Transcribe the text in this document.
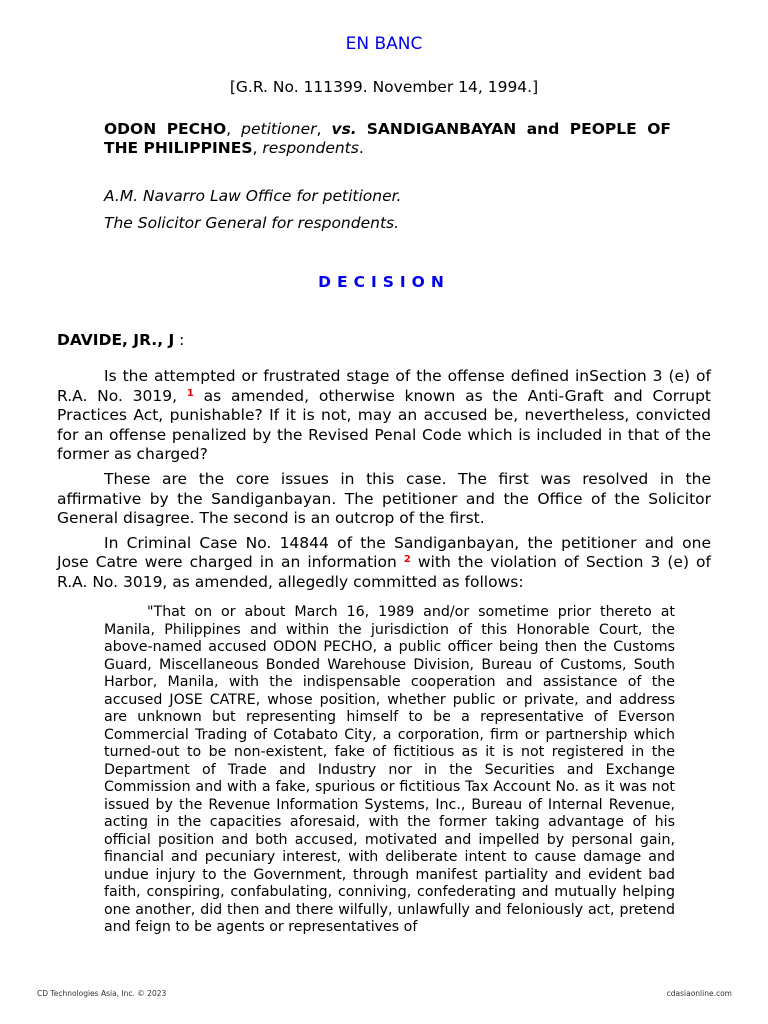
EN BANC
[G.R. No. 111399. November 14, 1994.]

ODON PECHO, petitioner, vs. SANDIGANBAYAN and PEOPLE OF THE PHILIPPINES, respondents.

A.M. Navarro Law Office for petitioner.

The Solicitor General for respondents.

DECISION

DAVIDE, JR., J :

Is the attempted or frustrated stage of the offense defined inSection 3 (e) of R.A. No. 3019, $^1$ as amended, otherwise known as the Anti-Graft and Corrupt Practices Act, punishable? If it is not, may an accused be, nevertheless, convicted for an offense penalized by the Revised Penal Code which is included in that of the former as charged?

These are the core issues in this case. The first was resolved in the affirmative by the Sandiganbayan. The petitioner and the Office of the Solicitor General disagree. The second is an outcrop of the first.

In Criminal Case No. 14844 of the Sandiganbayan, the petitioner and one Jose Catre were charged in an information $^2$ with the violation of Section 3 (e) of R.A. No. 3019, as amended, allegedly committed as follows:

"That on or about March 16, 1989 and/or sometime prior thereto at Manila, Philippines and within the jurisdiction of this Honorable Court, the above-named accused ODON PECHO, a public officer being then the Customs Guard, Miscellaneous Bonded Warehouse Division, Bureau of Customs, South Harbor, Manila, with the indispensable cooperation and assistance of the accused JOSE CATRE, whose position, whether public or private, and address are unknown but representing himself to be a representative of Everson Commercial Trading of Cotabato City, a corporation, firm or partnership which turned-out to be non-existent, fake of fictitious as it is not registered in the Department of Trade and Industry nor in the Securities and Exchange Commission and with a fake, spurious or fictitious Tax Account No. as it was not issued by the Revenue Information Systems, Inc., Bureau of Internal Revenue, acting in the capacities aforesaid, with the former taking advantage of his official position and both accused, motivated and impelled by personal gain, financial and pecuniary interest, with deliberate intent to cause damage and undue injury to the Government, through manifest partiality and evident bad faith, conspiring, confabulating, conniving, confederating and mutually helping one another, did then and there wilfully, unlawfully and feloniously act, pretend and feign to be agents or representatives of

CD Technologies Asia, Inc. © 2023	cdasiaonline.com
